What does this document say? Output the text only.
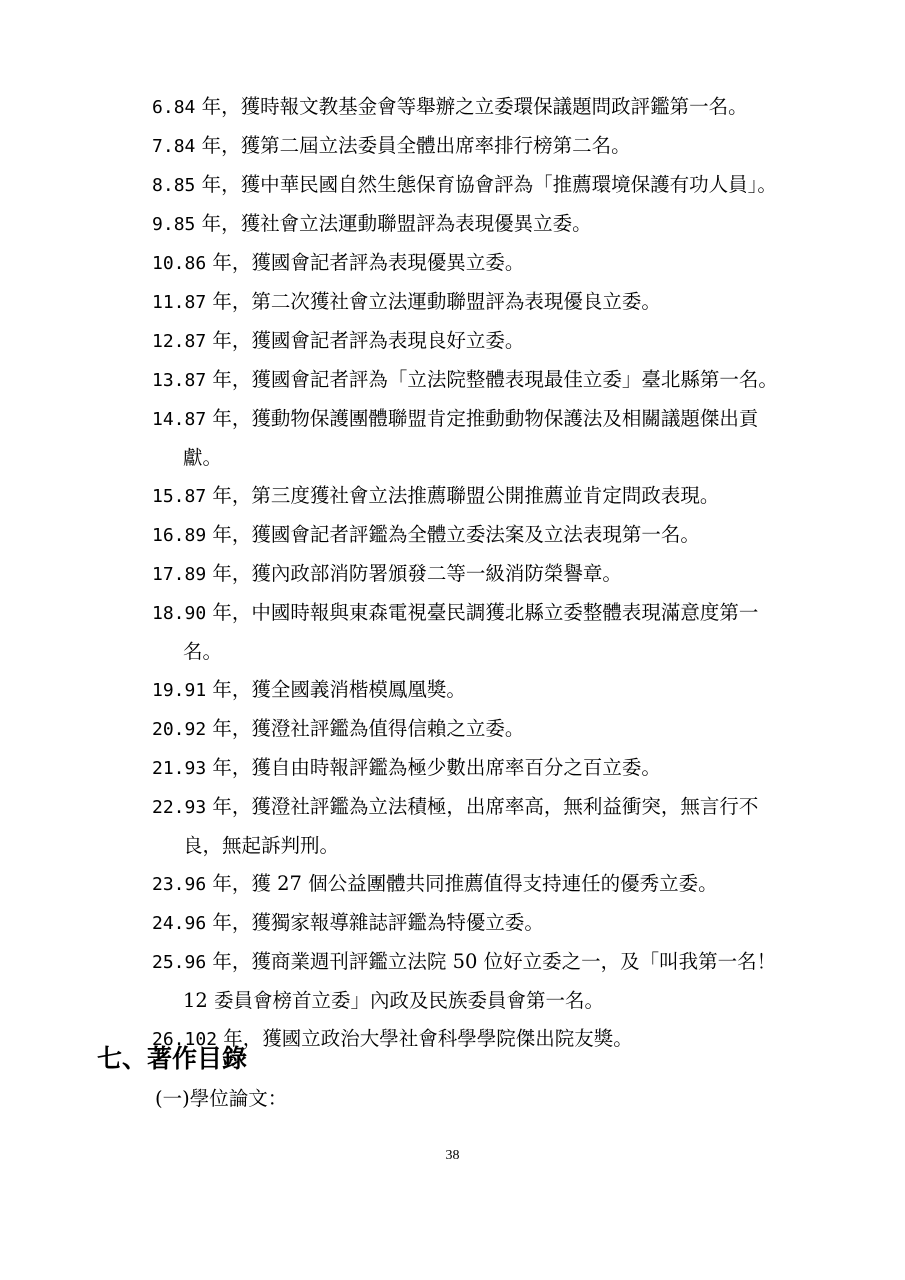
6.84 年，獲時報文教基金會等舉辦之立委環保議題問政評鑑第一名。
7.84 年，獲第二屆立法委員全體出席率排行榜第二名。
8.85 年，獲中華民國自然生態保育協會評為「推薦環境保護有功人員」。
9.85 年，獲社會立法運動聯盟評為表現優異立委。
10.86 年，獲國會記者評為表現優異立委。
11.87 年，第二次獲社會立法運動聯盟評為表現優良立委。
12.87 年，獲國會記者評為表現良好立委。
13.87 年，獲國會記者評為「立法院整體表現最佳立委」臺北縣第一名。
14.87 年，獲動物保護團體聯盟肯定推動動物保護法及相關議題傑出貢
獻。
15.87 年，第三度獲社會立法推薦聯盟公開推薦並肯定問政表現。
16.89 年，獲國會記者評鑑為全體立委法案及立法表現第一名。
17.89 年，獲內政部消防署頒發二等一級消防榮譽章。
18.90 年，中國時報與東森電視臺民調獲北縣立委整體表現滿意度第一
名。
19.91 年，獲全國義消楷模鳳凰獎。
20.92 年，獲澄社評鑑為值得信賴之立委。
21.93 年，獲自由時報評鑑為極少數出席率百分之百立委。
22.93 年，獲澄社評鑑為立法積極，出席率高，無利益衝突，無言行不
良，無起訴判刑。
23.96 年，獲 27 個公益團體共同推薦值得支持連任的優秀立委。
24.96 年，獲獨家報導雜誌評鑑為特優立委。
25.96 年，獲商業週刊評鑑立法院 50 位好立委之一，及「叫我第一名！
12 委員會榜首立委」內政及民族委員會第一名。
26.102 年，獲國立政治大學社會科學學院傑出院友獎。
七、著作目錄
(一)學位論文：
38
